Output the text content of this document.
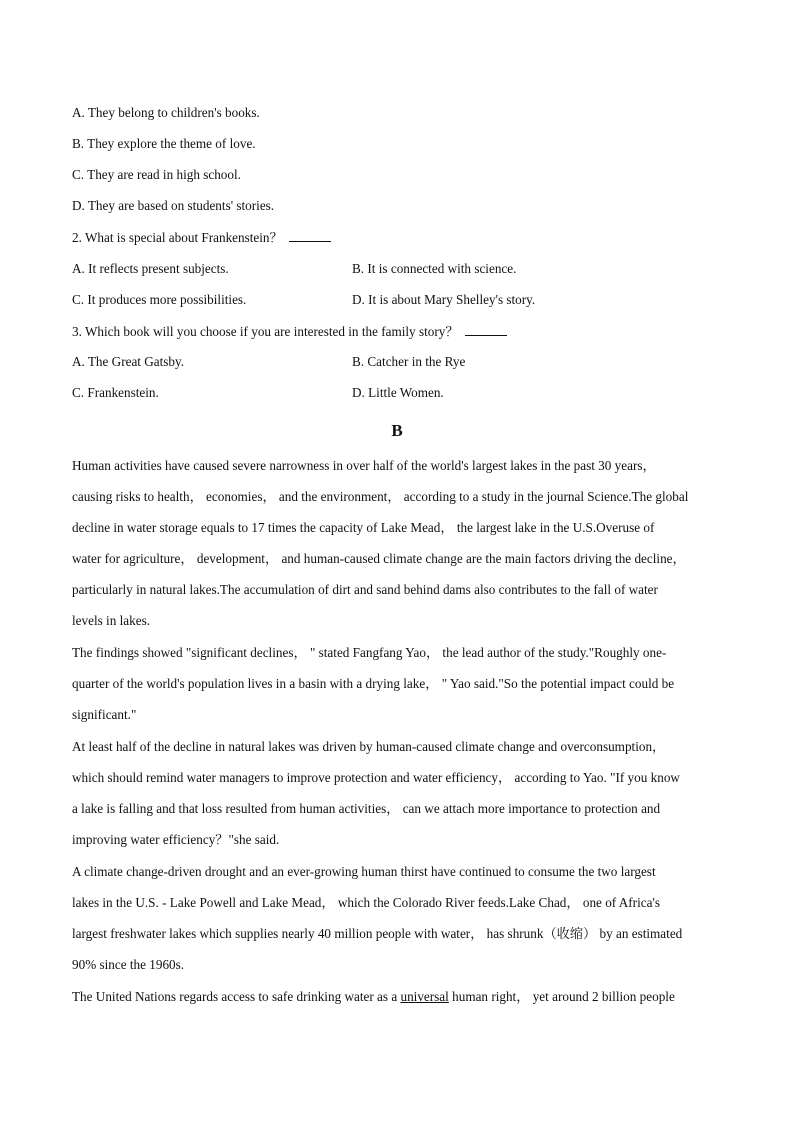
A. They belong to children's books.
B. They explore the theme of love.
C. They are read in high school.
D. They are based on students' stories.
2. What is special about Frankenstein？
A. It reflects present subjects.	B. It is connected with science.
C. It produces more possibilities.	D. It is about Mary Shelley's story.
3. Which book will you choose if you are interested in the family story？
A. The Great Gatsby.	B. Catcher in the Rye
C. Frankenstein.	D. Little Women.
B
Human activities have caused severe narrowness in over half of the world's largest lakes in the past 30 years，
causing risks to health， economies， and the environment， according to a study in the journal Science.The global
decline in water storage equals to 17 times the capacity of Lake Mead， the largest lake in the U.S.Overuse of
water for agriculture， development， and human-caused climate change are the main factors driving the decline，
particularly in natural lakes.The accumulation of dirt and sand behind dams also contributes to the fall of water
levels in lakes.
The findings showed "significant declines， " stated Fangfang Yao， the lead author of the study."Roughly one-
quarter of the world's population lives in a basin with a drying lake， " Yao said."So the potential impact could be
significant."
At least half of the decline in natural lakes was driven by human-caused climate change and overconsumption，
which should remind water managers to improve protection and water efficiency， according to Yao. "If you know
a lake is falling and that loss resulted from human activities， can we attach more importance to protection and
improving water efficiency？"she said.
A climate change-driven drought and an ever-growing human thirst have continued to consume the two largest
lakes in the U.S. - Lake Powell and Lake Mead， which the Colorado River feeds.Lake Chad， one of Africa's
largest freshwater lakes which supplies nearly 40 million people with water， has shrunk（收缩） by an estimated
90% since the 1960s.
The United Nations regards access to safe drinking water as a universal human right， yet around 2 billion people
